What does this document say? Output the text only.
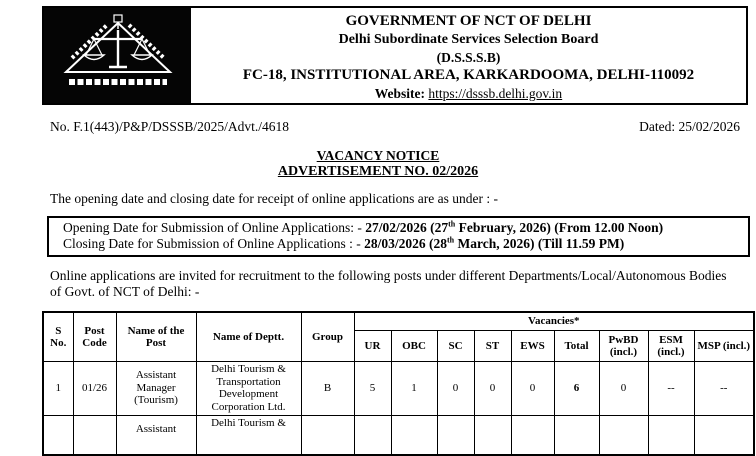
GOVERNMENT OF NCT OF DELHI
Delhi Subordinate Services Selection Board
(D.S.S.S.B)
FC-18, INSTITUTIONAL AREA, KARKARDOOMA, DELHI-110092
Website: https://dsssb.delhi.gov.in
No. F.1(443)/P&P/DSSSB/2025/Advt./4618	Dated: 25/02/2026
VACANCY NOTICE
ADVERTISEMENT NO. 02/2026

The opening date and closing date for receipt of online applications are as under : -

Opening Date for Submission of Online Applications: - 27/02/2026 (27th February, 2026) (From 12.00 Noon)
Closing Date for Submission of Online Applications : - 28/03/2026 (28th March, 2026) (Till 11.59 PM)

Online applications are invited for recruitment to the following posts under different Departments/Local/Autonomous Bodies of Govt. of NCT of Delhi: -

S No.	Post Code	Name of the Post	Name of Deptt.	Group	Vacancies*								
					UR	OBC	SC	ST	EWS	Total	PwBD (incl.)	ESM (incl.)	MSP (incl.)
1	01/26	Assistant Manager (Tourism)	Delhi Tourism & Transportation Development Corporation Ltd.	B	5	1	0	0	0	6	0	--	--
		Assistant	Delhi Tourism &										
